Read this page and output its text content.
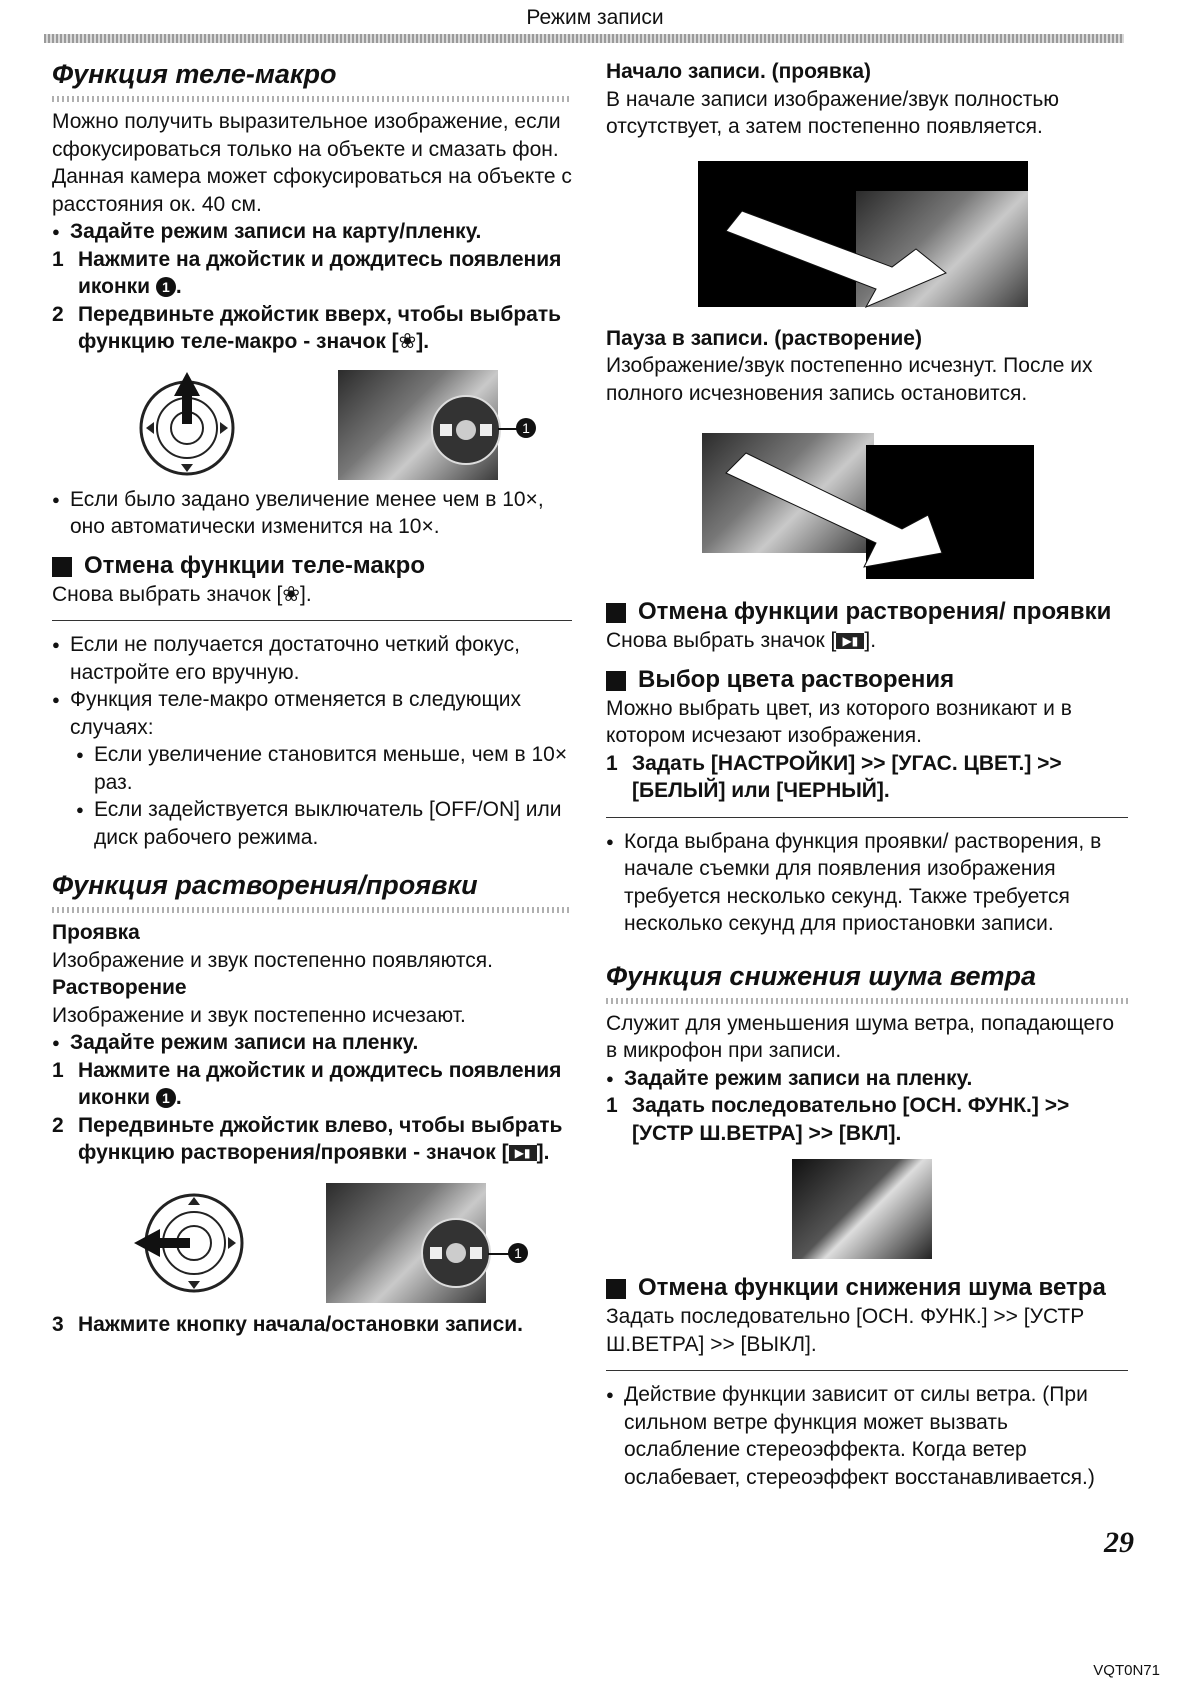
Режим записи

Функция теле-макро

Можно получить выразительное изображение, если сфокусироваться только на объекте и смазать фон. Данная камера может сфокусироваться на объекте с расстояния ок. 40 см.

● Задайте режим записи на карту/пленку.

1 Нажмите на джойстик и дождитесь появления иконки 1 .

2 Передвиньте джойстик вверх, чтобы выбрать функцию теле-макро - значок [❀].

1

● Если было задано увеличение менее чем в 10×, оно автоматически изменится на 10×.

Отмена функции теле-макро

Снова выбрать значок [❀].

● Если не получается достаточно четкий фокус, настройте его вручную.

● Функция теле-макро отменяется в следующих случаях:

● Если увеличение становится меньше, чем в 10× раз.

● Если задействуется выключатель [OFF/ON] или диск рабочего режима.

Функция растворения/проявки

Проявка

Изображение и звук постепенно появляются.

Растворение

Изображение и звук постепенно исчезают.

● Задайте режим записи на пленку.

1 Нажмите на джойстик и дождитесь появления иконки 1 .

2 Передвиньте джойстик влево, чтобы выбрать функцию растворения/проявки - значок [ ▶▮ ].

1

3 Нажмите кнопку начала/остановки записи.

Начало записи. (проявка)

В начале записи изображение/звук полностью отсутствует, а затем постепенно появляется.

Пауза в записи. (растворение)

Изображение/звук постепенно исчезнут. После их полного исчезновения запись остановится.

Отмена функции растворения/ проявки

Снова выбрать значок [ ▶▮ ].

Выбор цвета растворения

Можно выбрать цвет, из которого возникают и в котором исчезают изображения.

1 Задать [НАСТРОЙКИ] >> [УГАС. ЦВЕТ.] >> [БЕЛЫЙ] или [ЧЕРНЫЙ].

● Когда выбрана функция проявки/ растворения, в начале съемки для появления изображения требуется несколько секунд. Также требуется несколько секунд для приостановки записи.

Функция снижения шума ветра

Служит для уменьшения шума ветра, попадающего в микрофон при записи.

● Задайте режим записи на пленку.

1 Задать последовательно [ОСН. ФУНК.] >> [УСТР Ш.ВЕТРА] >> [ВКЛ].

Отмена функции снижения шума ветра

Задать последовательно [ОСН. ФУНК.] >> [УСТР Ш.ВЕТРА] >> [ВЫКЛ].

● Действие функции зависит от силы ветра. (При сильном ветре функция может вызвать ослабление стереоэффекта. Когда ветер ослабевает, стереоэффект восстанавливается.)

29
VQT0N71
